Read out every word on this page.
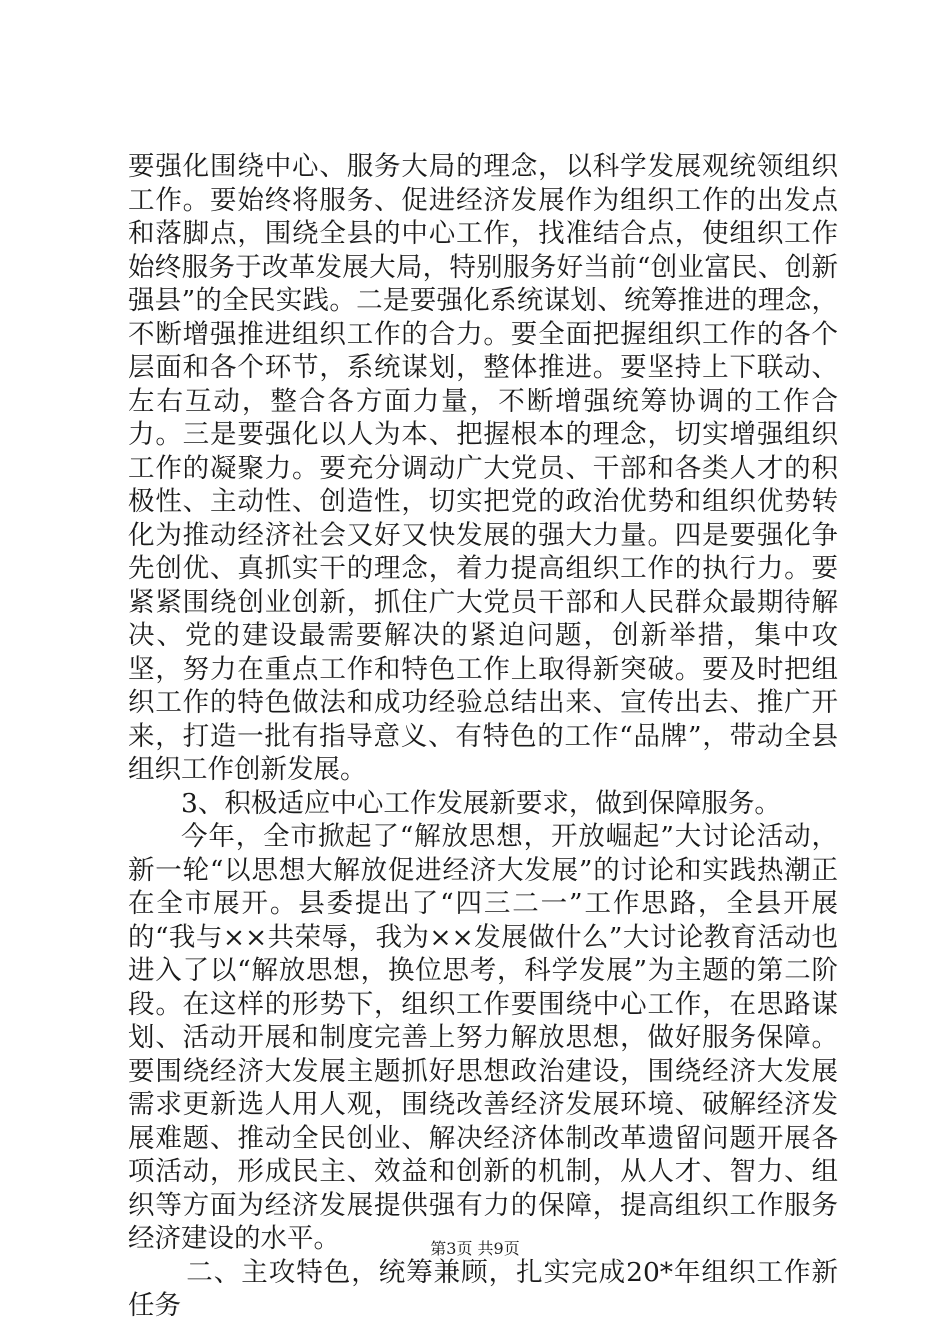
要强化围绕中心、服务大局的理念，以科学发展观统领组织工作。要始终将服务、促进经济发展作为组织工作的出发点和落脚点，围绕全县的中心工作，找准结合点，使组织工作始终服务于改革发展大局，特别服务好当前“创业富民、创新强县”的全民实践。二是要强化系统谋划、统筹推进的理念，不断增强推进组织工作的合力。要全面把握组织工作的各个层面和各个环节，系统谋划，整体推进。要坚持上下联动、左右互动，整合各方面力量，不断增强统筹协调的工作合力。三是要强化以人为本、把握根本的理念，切实增强组织工作的凝聚力。要充分调动广大党员、干部和各类人才的积极性、主动性、创造性，切实把党的政治优势和组织优势转化为推动经济社会又好又快发展的强大力量。四是要强化争先创优、真抓实干的理念，着力提高组织工作的执行力。要紧紧围绕创业创新，抓住广大党员干部和人民群众最期待解决、党的建设最需要解决的紧迫问题，创新举措，集中攻坚，努力在重点工作和特色工作上取得新突破。要及时把组织工作的特色做法和成功经验总结出来、宣传出去、推广开来，打造一批有指导意义、有特色的工作“品牌”，带动全县组织工作创新发展。

3、积极适应中心工作发展新要求，做到保障服务。

今年，全市掀起了“解放思想，开放崛起”大讨论活动，新一轮“以思想大解放促进经济大发展”的讨论和实践热潮正在全市展开。县委提出了“四三二一”工作思路，全县开展的“我与××共荣辱，我为××发展做什么”大讨论教育活动也进入了以“解放思想，换位思考，科学发展”为主题的第二阶段。在这样的形势下，组织工作要围绕中心工作，在思路谋划、活动开展和制度完善上努力解放思想，做好服务保障。要围绕经济大发展主题抓好思想政治建设，围绕经济大发展需求更新选人用人观，围绕改善经济发展环境、破解经济发展难题、推动全民创业、解决经济体制改革遗留问题开展各项活动，形成民主、效益和创新的机制，从人才、智力、组织等方面为经济发展提供强有力的保障，提高组织工作服务经济建设的水平。

二、主攻特色，统筹兼顾，扎实完成20*年组织工作新任务

第3页 共9页
